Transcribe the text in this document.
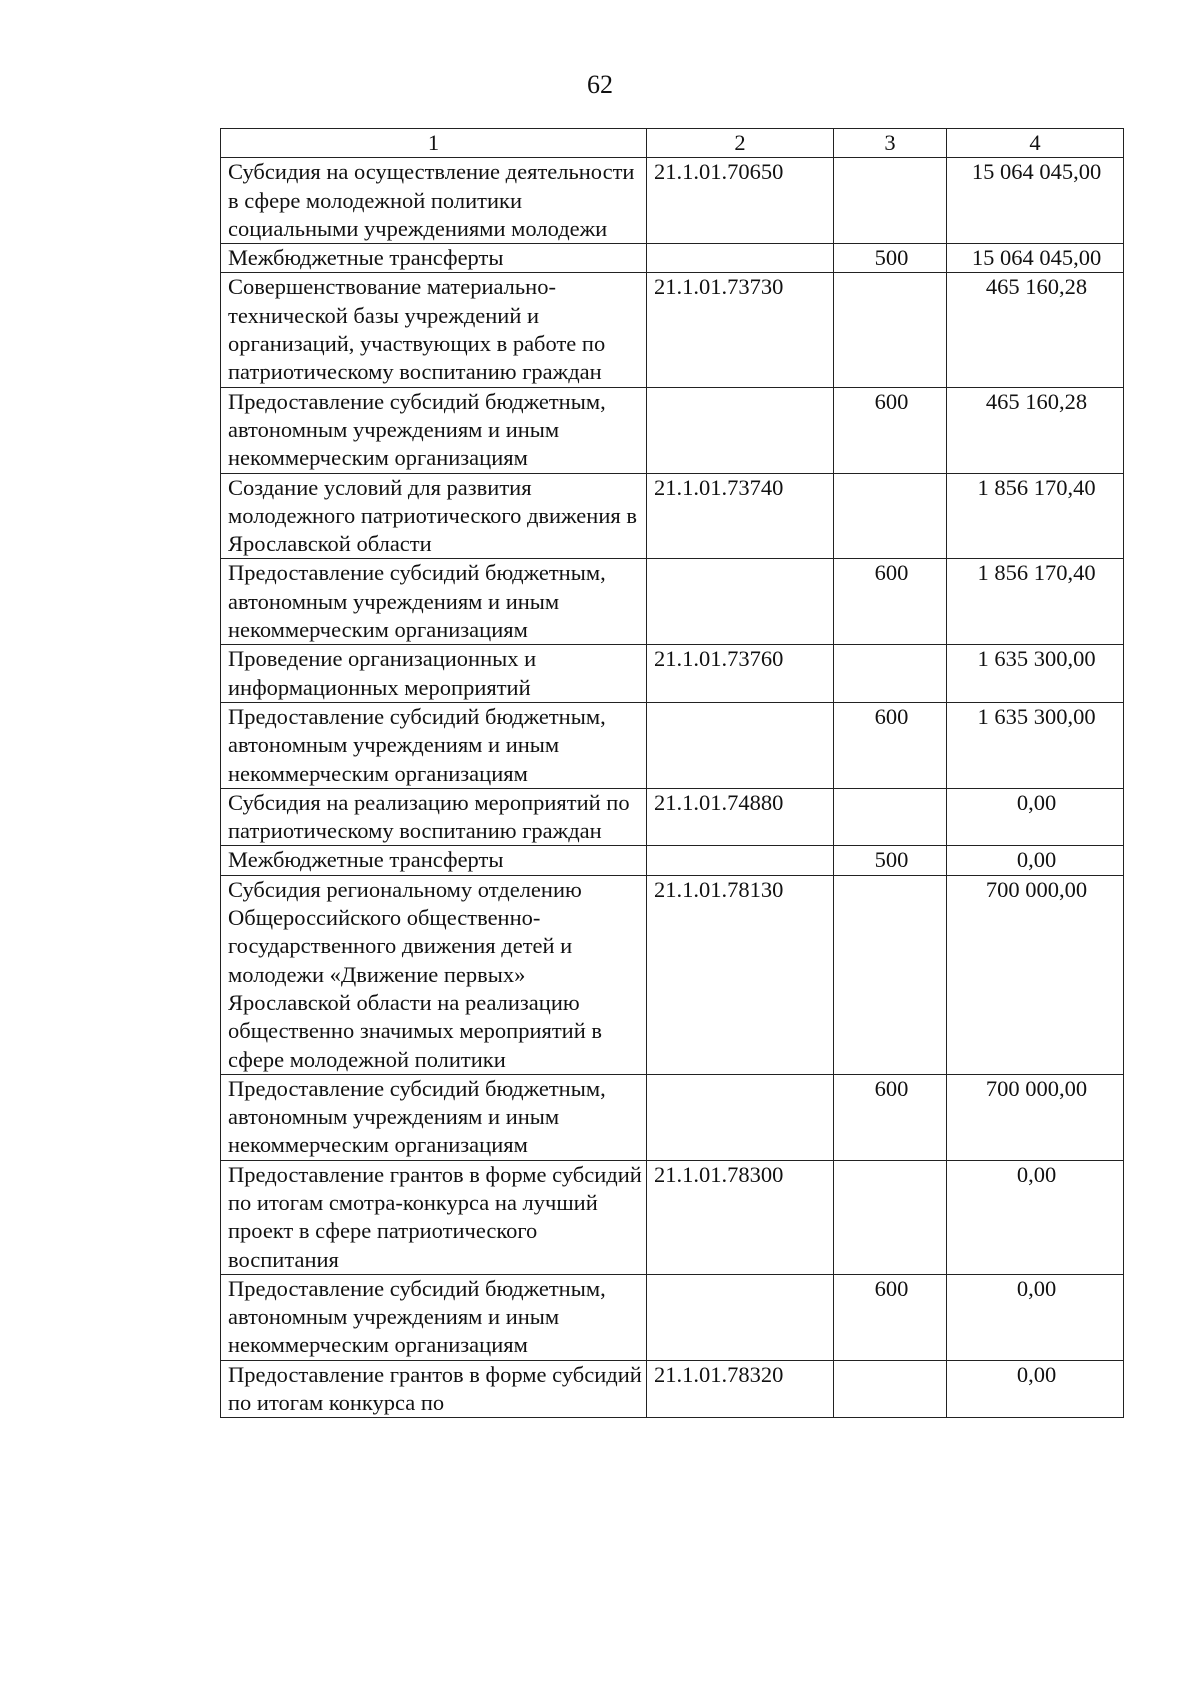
62
1	2	3	4
Субсидия на осуществление деятельности в сфере молодежной политики социальными учреждениями молодежи	21.1.01.70650		15 064 045,00
Межбюджетные трансферты		500	15 064 045,00
Совершенствование материально-технической базы учреждений и организаций, участвующих в работе по патриотическому воспитанию граждан	21.1.01.73730		465 160,28
Предоставление субсидий бюджетным, автономным учреждениям и иным некоммерческим организациям		600	465 160,28
Создание условий для развития молодежного патриотического движения в Ярославской области	21.1.01.73740		1 856 170,40
Предоставление субсидий бюджетным, автономным учреждениям и иным некоммерческим организациям		600	1 856 170,40
Проведение организационных и информационных мероприятий	21.1.01.73760		1 635 300,00
Предоставление субсидий бюджетным, автономным учреждениям и иным некоммерческим организациям		600	1 635 300,00
Субсидия на реализацию мероприятий по патриотическому воспитанию граждан	21.1.01.74880		0,00
Межбюджетные трансферты		500	0,00
Субсидия региональному отделению Общероссийского общественно-государственного движения детей и молодежи «Движение первых» Ярославской области на реализацию общественно значимых мероприятий в сфере молодежной политики	21.1.01.78130		700 000,00
Предоставление субсидий бюджетным, автономным учреждениям и иным некоммерческим организациям		600	700 000,00
Предоставление грантов в форме субсидий по итогам смотра-конкурса на лучший проект в сфере патриотического воспитания	21.1.01.78300		0,00
Предоставление субсидий бюджетным, автономным учреждениям и иным некоммерческим организациям		600	0,00
Предоставление грантов в форме субсидий по итогам конкурса по	21.1.01.78320		0,00
